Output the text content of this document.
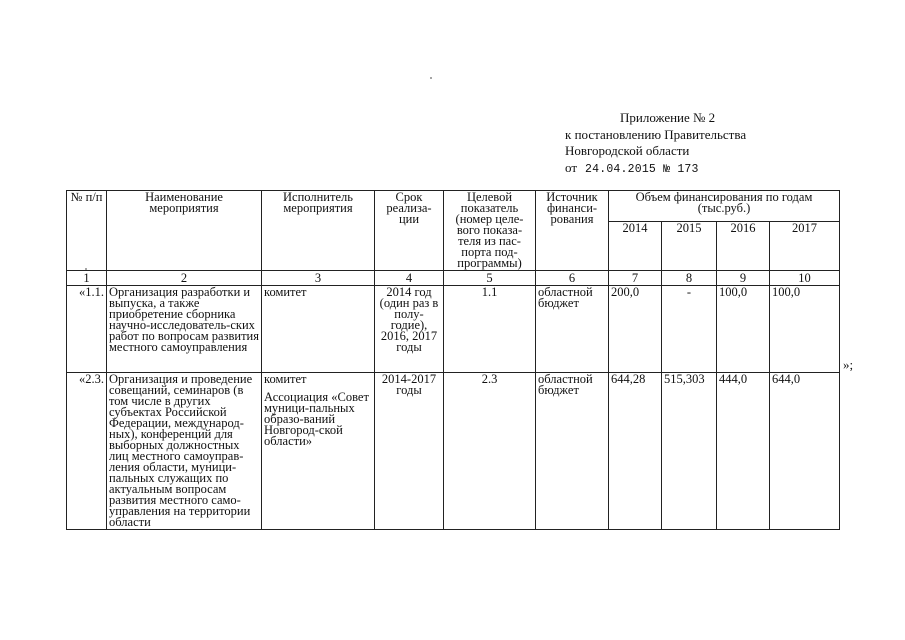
Приложение № 2
к постановлению Правительства
Новгородской области
от 24.04.2015 № 173
№ п/п	Наименование мероприятия	Исполнитель мероприятия	Срок реализа-ции	Целевой показатель (номер целе-вого показа-теля из пас-порта под-программы)	Источник финанси-рования	Объем финансирования по годам (тыс.руб.)			
						2014	2015	2016	2017
1	2	3	4	5	6	7	8	9	10
«1.1.	Организация разработки и выпуска, а также приобретение сборника научно-исследователь-ских работ по вопросам развития местного самоуправления	комитет	2014 год (один раз в полу-годие), 2016, 2017 годы	1.1	областной бюджет	200,0	-	100,0	100,0
«2.3.	Организация и проведение совещаний, семинаров (в том числе в других субъектах Российской Федерации, международ-ных), конференций для выборных должностных лиц местного самоуправ-ления области, муници-пальных служащих по актуальным вопросам развития местного само-управления на территории области	комитет
Ассоциация «Совет муници-пальных образо-ваний Новгород-ской области»	2014-2017 годы	2.3	областной бюджет	644,28	515,303	444,0	644,0
»;
